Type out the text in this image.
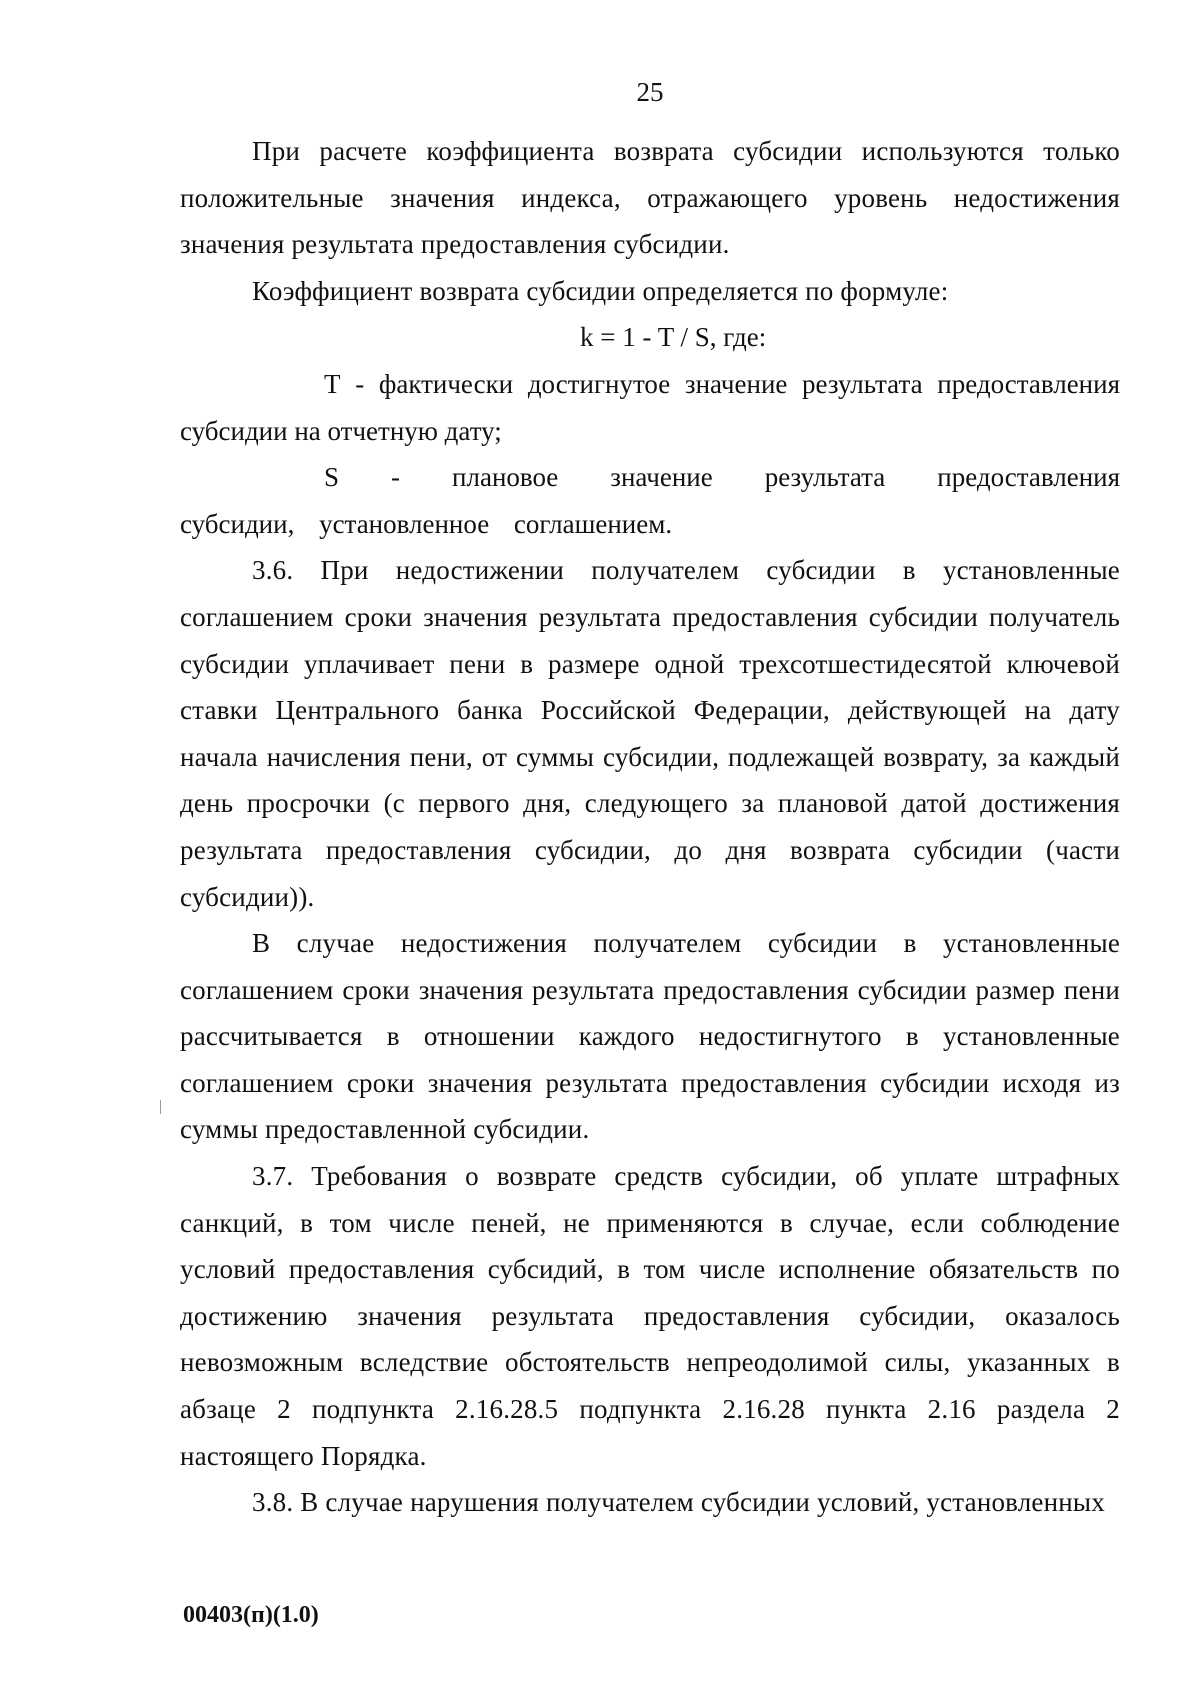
25

При расчете коэффициента возврата субсидии используются только положительные значения индекса, отражающего уровень недостижения значения результата предоставления субсидии.

Коэффициент возврата субсидии определяется по формуле:

k = 1 - T / S, где:

T - фактически достигнутое значение результата предоставления субсидии на отчетную дату;

S - плановое значение результата предоставления субсидии, установленное соглашением.

3.6. При недостижении получателем субсидии в установленные соглашением сроки значения результата предоставления субсидии получатель субсидии уплачивает пени в размере одной трехсотшестидесятой ключевой ставки Центрального банка Российской Федерации, действующей на дату начала начисления пени, от суммы субсидии, подлежащей возврату, за каждый день просрочки (с первого дня, следующего за плановой датой достижения результата предоставления субсидии, до дня возврата субсидии (части субсидии)).

В случае недостижения получателем субсидии в установленные соглашением сроки значения результата предоставления субсидии размер пени рассчитывается в отношении каждого недостигнутого в установленные соглашением сроки значения результата предоставления субсидии исходя из суммы предоставленной субсидии.

3.7. Требования о возврате средств субсидии, об уплате штрафных санкций, в том числе пеней, не применяются в случае, если соблюдение условий предоставления субсидий, в том числе исполнение обязательств по достижению значения результата предоставления субсидии, оказалось невозможным вследствие обстоятельств непреодолимой силы, указанных в абзаце 2 подпункта 2.16.28.5 подпункта 2.16.28 пункта 2.16 раздела 2 настоящего Порядка.

3.8. В случае нарушения получателем субсидии условий, установленных

00403(п)(1.0)
